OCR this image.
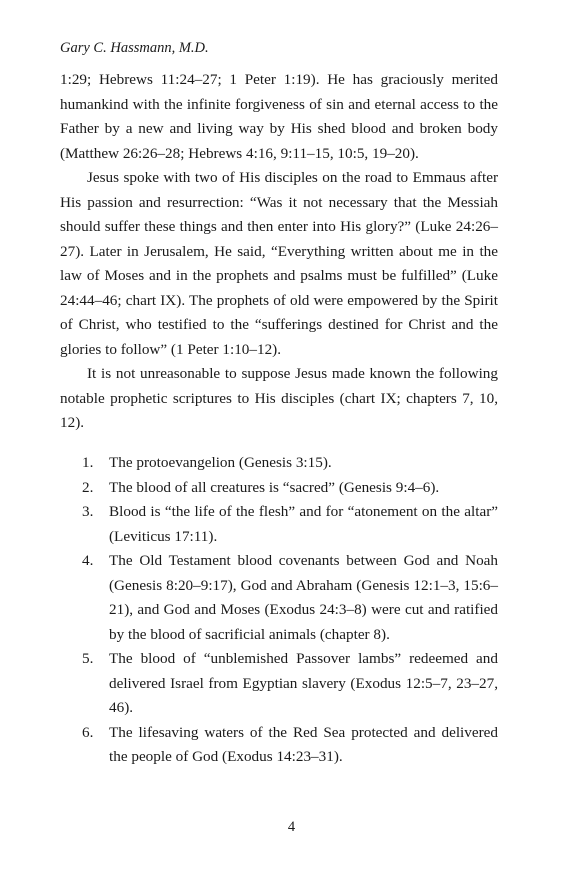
Gary C. Hassmann, M.D.

1:29; Hebrews 11:24–27; 1 Peter 1:19). He has graciously merited humankind with the infinite forgiveness of sin and eternal access to the Father by a new and living way by His shed blood and broken body (Matthew 26:26–28; Hebrews 4:16, 9:11–15, 10:5, 19–20).

Jesus spoke with two of His disciples on the road to Emmaus after His passion and resurrection: “Was it not necessary that the Messiah should suffer these things and then enter into His glory?” (Luke 24:26–27). Later in Jerusalem, He said, “Everything written about me in the law of Moses and in the prophets and psalms must be fulfilled” (Luke 24:44–46; chart IX). The prophets of old were empowered by the Spirit of Christ, who testified to the “sufferings destined for Christ and the glories to follow” (1 Peter 1:10–12).

It is not unreasonable to suppose Jesus made known the following notable prophetic scriptures to His disciples (chart IX; chapters 7, 10, 12).

1. The protoevangelion (Genesis 3:15).
2. The blood of all creatures is “sacred” (Genesis 9:4–6).
3. Blood is “the life of the flesh” and for “atonement on the altar” (Leviticus 17:11).
4. The Old Testament blood covenants between God and Noah (Genesis 8:20–9:17), God and Abraham (Genesis 12:1–3, 15:6–21), and God and Moses (Exodus 24:3–8) were cut and ratified by the blood of sacrificial animals (chapter 8).
5. The blood of “unblemished Passover lambs” redeemed and delivered Israel from Egyptian slavery (Exodus 12:5–7, 23–27, 46).
6. The lifesaving waters of the Red Sea protected and delivered the people of God (Exodus 14:23–31).
4
